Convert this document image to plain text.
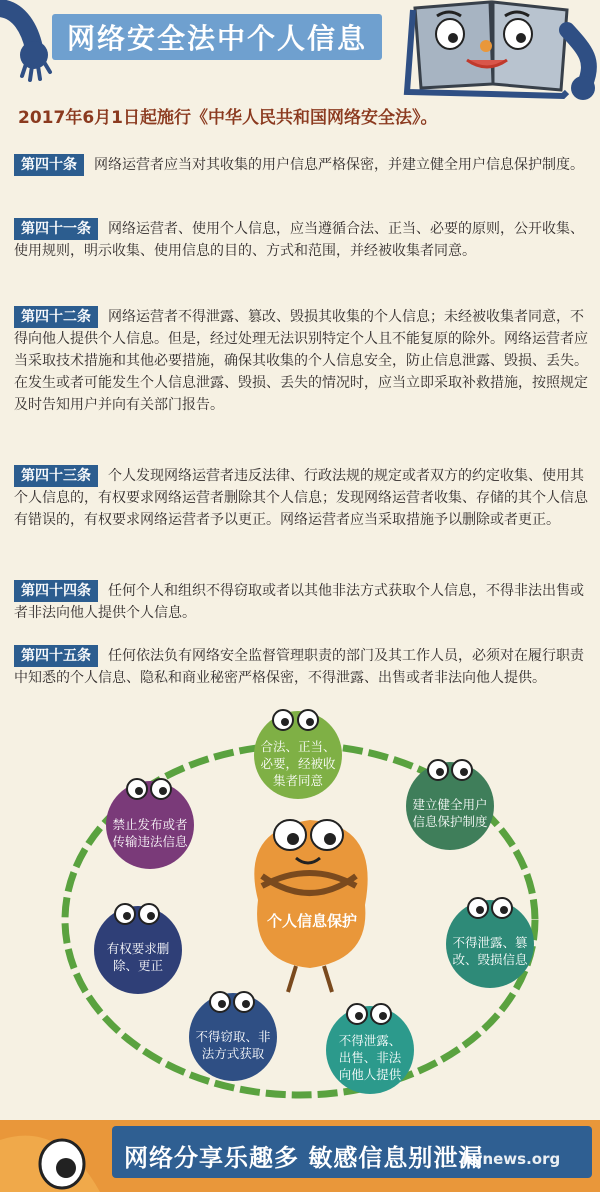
网络安全法中个人信息
2017年6月1日起施行《中华人民共和国网络安全法》。
第四十条 网络运营者应当对其收集的用户信息严格保密，并建立健全用户信息保护制度。
第四十一条 网络运营者、使用个人信息，应当遵循合法、正当、必要的原则，公开收集、使用规则，明示收集、使用信息的目的、方式和范围，并经被收集者同意。
第四十二条 网络运营者不得泄露、篡改、毁损其收集的个人信息；未经被收集者同意，不得向他人提供个人信息。但是，经过处理无法识别特定个人且不能复原的除外。网络运营者应当采取技术措施和其他必要措施，确保其收集的个人信息安全，防止信息泄露、毁损、丢失。在发生或者可能发生个人信息泄露、毁损、丢失的情况时，应当立即采取补救措施，按照规定及时告知用户并向有关部门报告。
第四十三条 个人发现网络运营者违反法律、行政法规的规定或者双方的约定收集、使用其个人信息的，有权要求网络运营者删除其个人信息；发现网络运营者收集、存储的其个人信息有错误的，有权要求网络运营者予以更正。网络运营者应当采取措施予以删除或者更正。
第四十四条 任何个人和组织不得窃取或者以其他非法方式获取个人信息，不得非法出售或者非法向他人提供个人信息。
第四十五条 任何依法负有网络安全监督管理职责的部门及其工作人员，必须对在履行职责中知悉的个人信息、隐私和商业秘密严格保密，不得泄露、出售或者非法向他人提供。
合法、正当、
必要，经被收
集者同意
建立健全用户
信息保护制度
不得泄露、篡
改、毁损信息
不得泄露、
出售、非法
向他人提供
不得窃取、非
法方式获取
有权要求删
除、更正
禁止发布或者
传输违法信息
个人信息保护
网络分享乐趣多 敏感信息别泄漏
hynews.org
